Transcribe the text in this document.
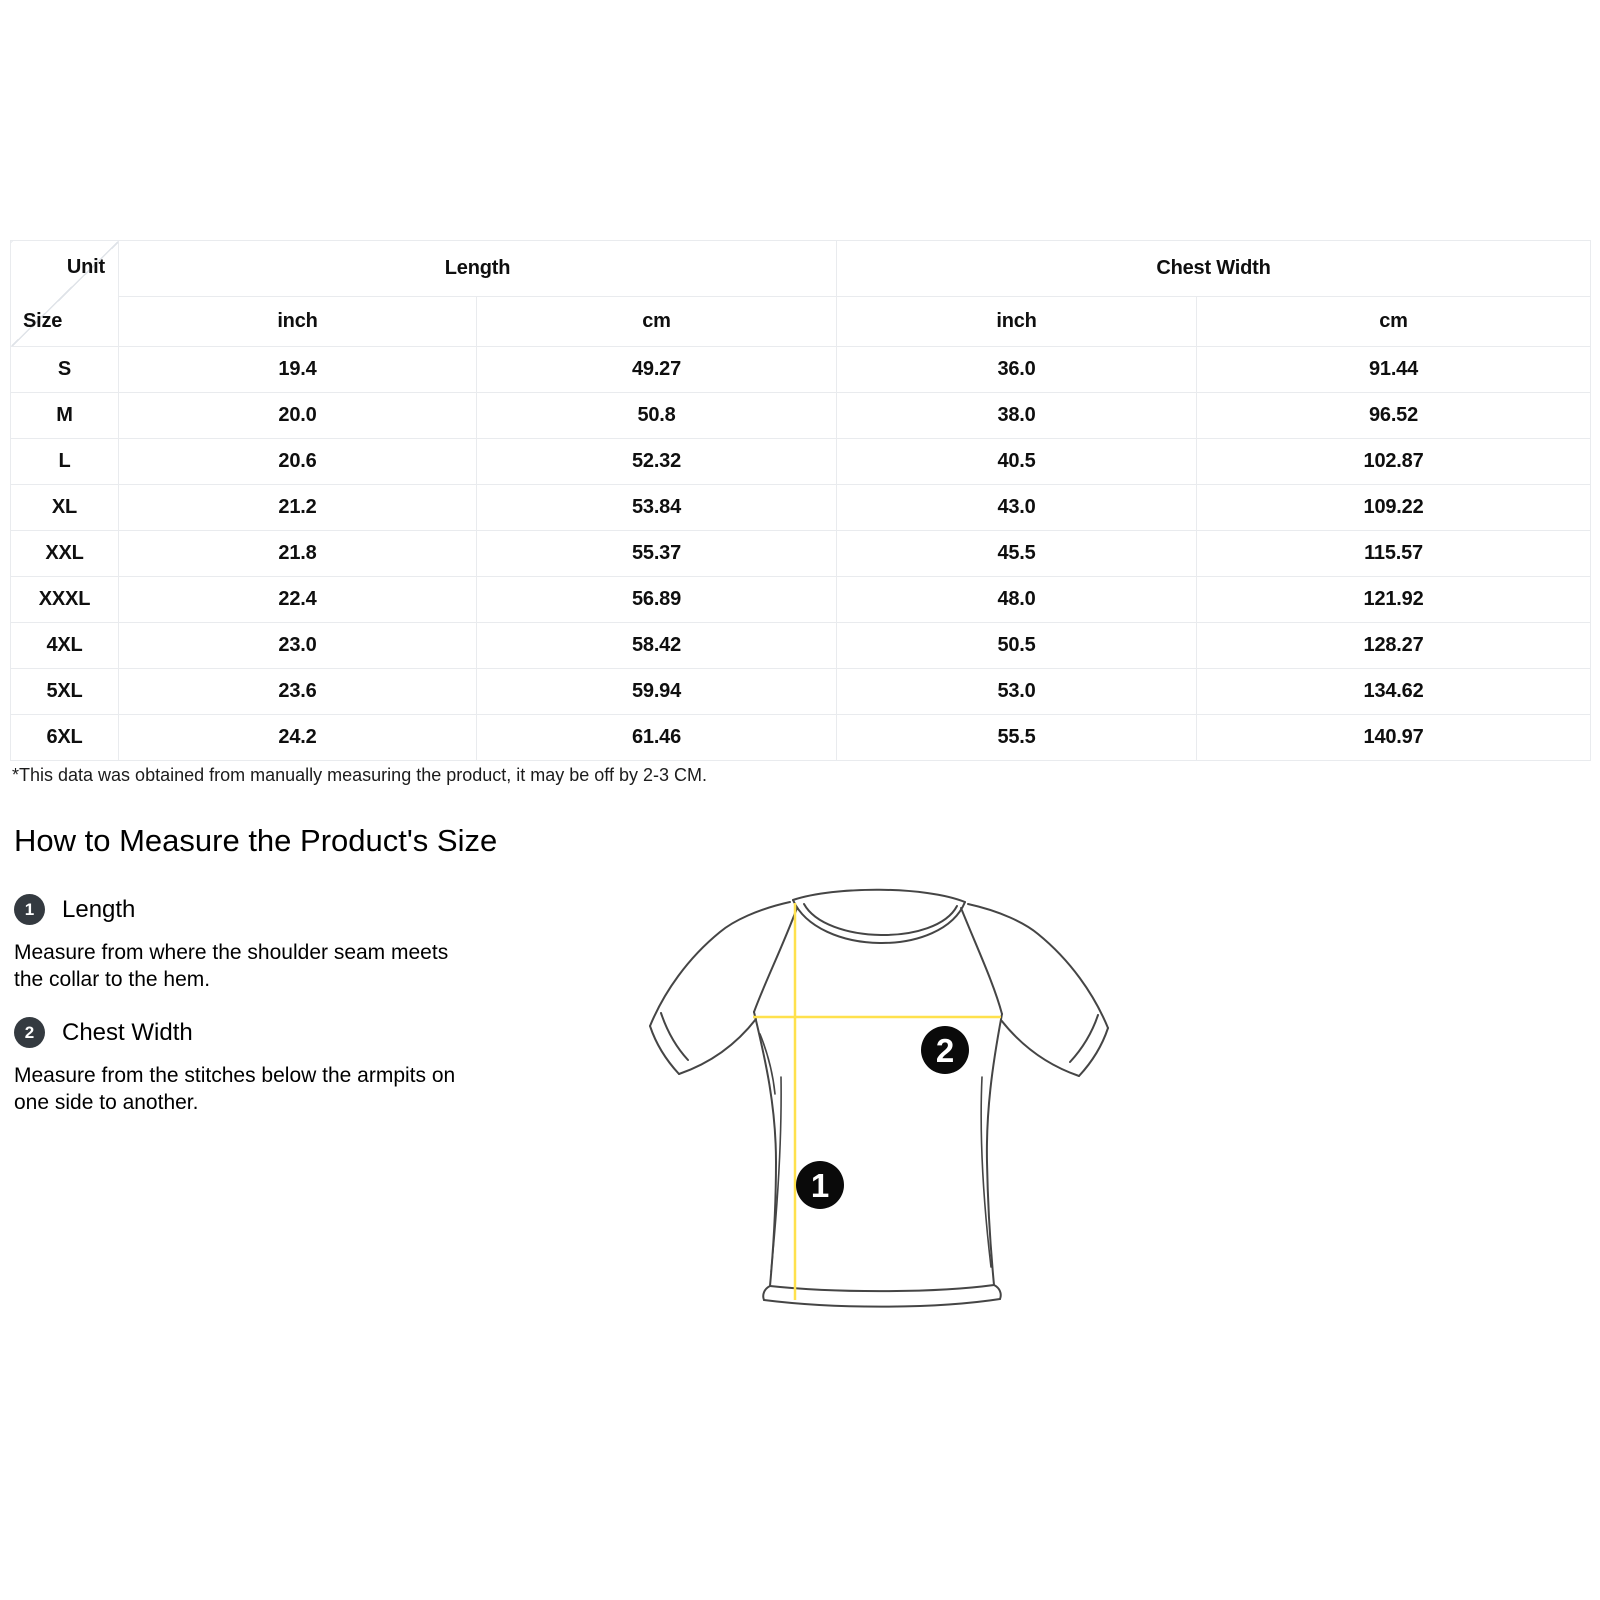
Unit
Size	Length		Chest Width	
	inch	cm	inch	cm
S	19.4	49.27	36.0	91.44
M	20.0	50.8	38.0	96.52
L	20.6	52.32	40.5	102.87
XL	21.2	53.84	43.0	109.22
XXL	21.8	55.37	45.5	115.57
XXXL	22.4	56.89	48.0	121.92
4XL	23.0	58.42	50.5	128.27
5XL	23.6	59.94	53.0	134.62
6XL	24.2	61.46	55.5	140.97

*This data was obtained from manually measuring the product, it may be off by 2-3 CM.

How to Measure the Product's Size
1	Length

Measure from where the shoulder seam meets the collar to the hem.

2	Chest Width

Measure from the stitches below the armpits on one side to another.

2
1
